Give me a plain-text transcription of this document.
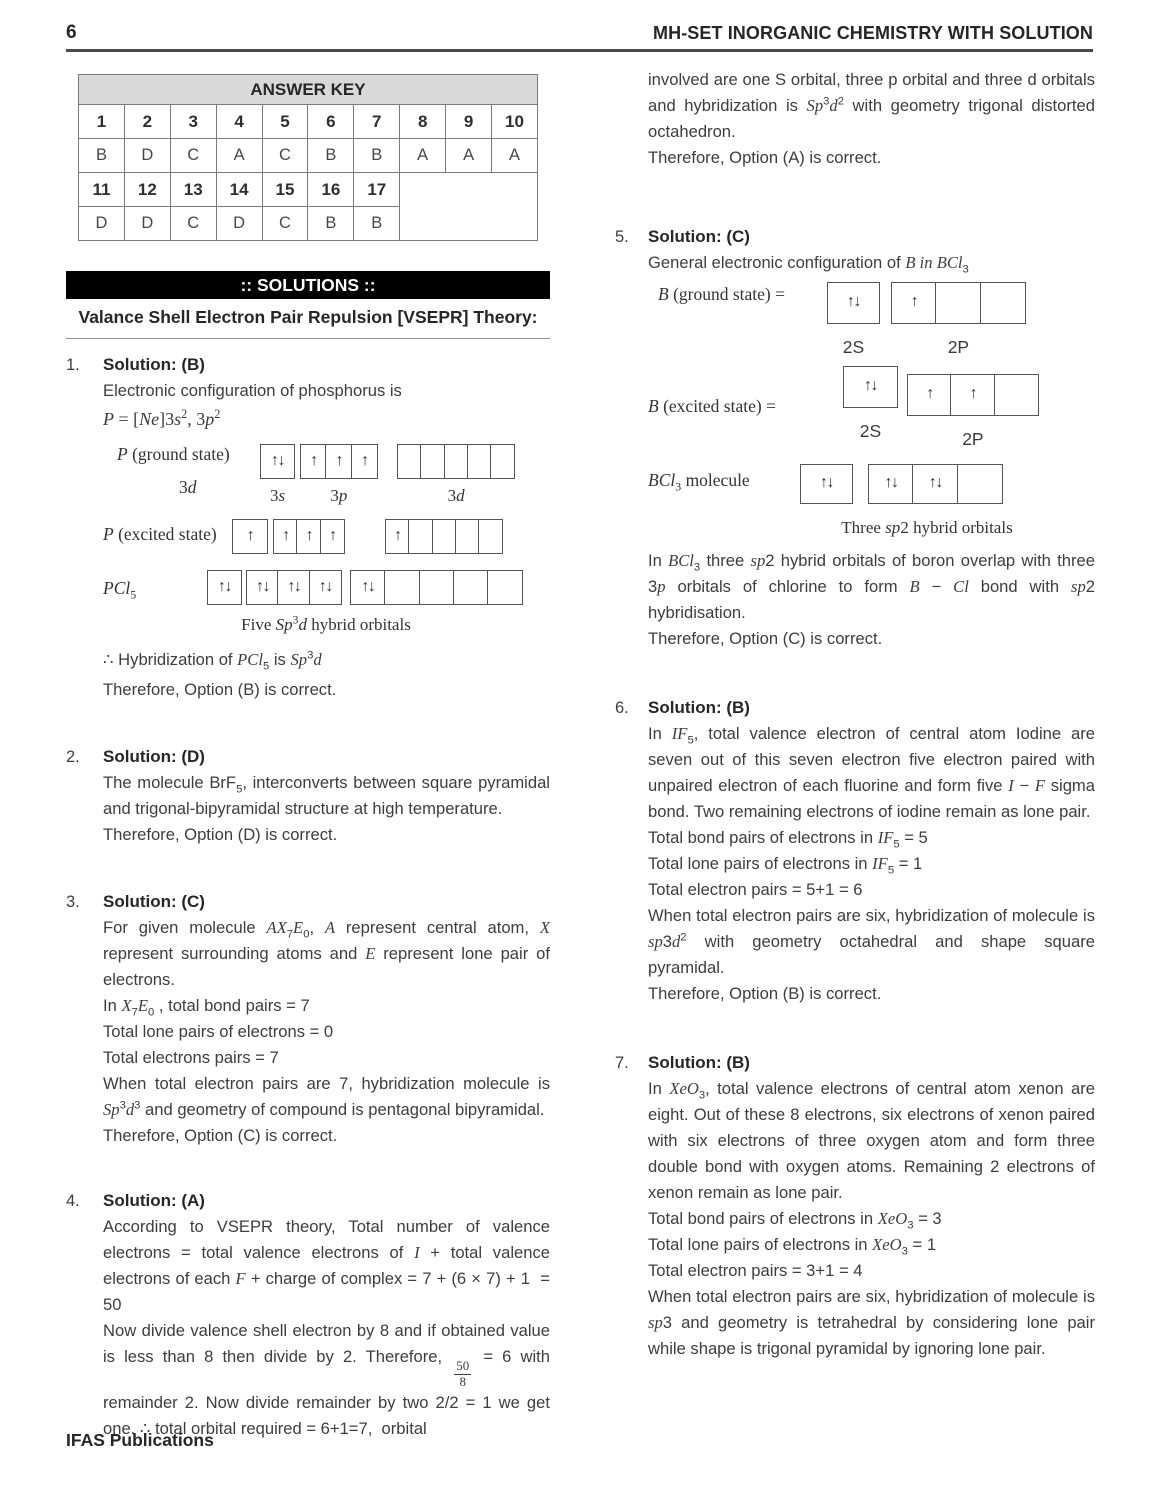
6	MH-SET INORGANIC CHEMISTRY WITH SOLUTION
ANSWER KEY									
1	2	3	4	5	6	7	8	9	10
B	D	C	A	C	B	B	A	A	A
11	12	13	14	15	16	17			
D	D	C	D	C	B	B			
:: SOLUTIONS ::
Valance Shell Electron Pair Repulsion [VSEPR] Theory:
1.	Solution: (B)

Electronic configuration of phosphorus is

$P = [Ne]3s^2$, $3p^2$

P (ground state)
3d
↑↓
3s
↑	↑	↑
3p	3d
P (excited state)	↑	↑	↑	↑	↑
PCl$_5$	↑↓	↑↓	↑↓	↑↓	↑↓
Five Sp$^3$d hybrid orbitals

∴ Hybridization of PCl$_5$ is Sp$^3$d

Therefore, Option (B) is correct.

2.	Solution: (D)

The molecule BrF$_5$, interconverts between square pyramidal and trigonal-bipyramidal structure at high temperature.

Therefore, Option (D) is correct.

3.	Solution: (C)

For given molecule $AX_7E_0$, A represent central atom, X represent surrounding atoms and E represent lone pair of electrons.

In $X_7E_0$ , total bond pairs = 7

Total lone pairs of electrons = 0

Total electrons pairs = 7

When total electron pairs are 7, hybridization molecule is $Sp^3d^3$ and geometry of compound is pentagonal bipyramidal.

Therefore, Option (C) is correct.

4.	Solution: (A)

According to VSEPR theory, Total number of valence electrons = total valence electrons of I + total valence electrons of each F + charge of complex = 7 + (6 × 7) + 1  = 50

Now divide valence shell electron by 8 and if obtained value is less than 8 then divide by 2. Therefore,
$\frac{50}{8}$
= 6 with remainder 2. Now divide remainder by two 2/2 = 1 we get one. ∴ total orbital required = 6+1=7,  orbital

involved are one S orbital, three p orbital and three d orbitals and hybridization is $Sp^3d^2$ with geometry trigonal distorted octahedron.

Therefore, Option (A) is correct.

5.	Solution: (C)

General electronic configuration of B in BCl$_3$

B (ground state) =	↑↓
2S
↑
2P
B (excited state) =
↑↓
2S
↑	↑
2P
BCl$_3$ molecule	↑↓	↑↓	↑↓
Three sp2 hybrid orbitals

In BCl$_3$ three sp2 hybrid orbitals of boron overlap with three 3p orbitals of chlorine to form B − Cl bond with sp2 hybridisation.

Therefore, Option (C) is correct.

6.	Solution: (B)

In $IF_5$, total valence electron of central atom Iodine are seven out of this seven electron five electron paired with unpaired electron of each fluorine and form five I − F sigma bond. Two remaining electrons of iodine remain as lone pair.

Total bond pairs of electrons in $IF_5 = 5$

Total lone pairs of electrons in $IF_5 = 1$

Total electron pairs = 5+1 = 6

When total electron pairs are six, hybridization of molecule is $sp3d^2$ with geometry octahedral and shape square pyramidal.

Therefore, Option (B) is correct.

7.	Solution: (B)

In XeO$_3$, total valence electrons of central atom xenon are eight. Out of these 8 electrons, six electrons of xenon paired with six electrons of three oxygen atom and form three double bond with oxygen atoms. Remaining 2 electrons of xenon remain as lone pair.

Total bond pairs of electrons in XeO$_3$ = 3

Total lone pairs of electrons in XeO$_3$ = 1

Total electron pairs = 3+1 = 4

When total electron pairs are six, hybridization of molecule is sp3 and geometry is tetrahedral by considering lone pair while shape is trigonal pyramidal by ignoring lone pair.

IFAS Publications
